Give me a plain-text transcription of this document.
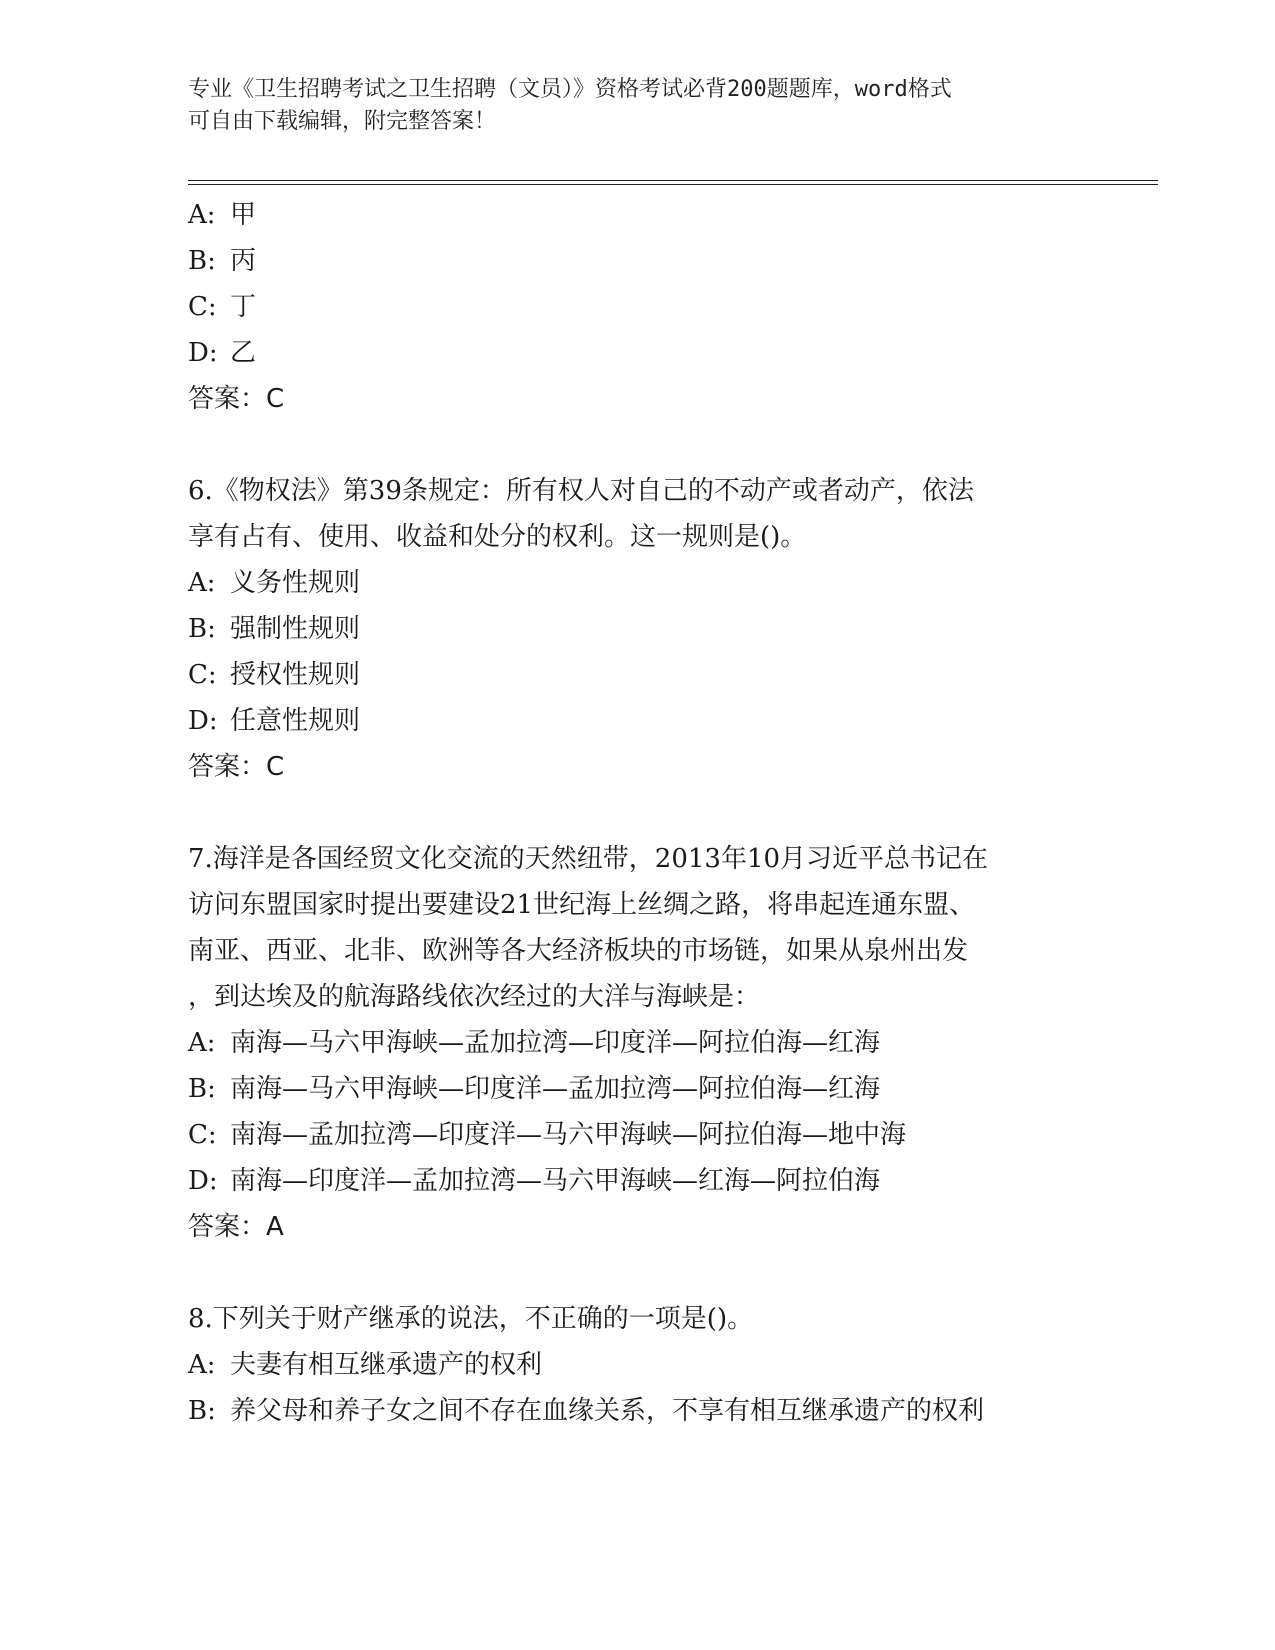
专业《卫生招聘考试之卫生招聘（文员）》资格考试必背200题题库，word格式
可自由下载编辑，附完整答案！
A: 甲
B: 丙
C: 丁
D: 乙
答案：C
6.《物权法》第39条规定：所有权人对自己的不动产或者动产，依法
享有占有、使用、收益和处分的权利。这一规则是()。
A: 义务性规则
B: 强制性规则
C: 授权性规则
D: 任意性规则
答案：C
7.海洋是各国经贸文化交流的天然纽带，2013年10月习近平总书记在
访问东盟国家时提出要建设21世纪海上丝绸之路，将串起连通东盟、
南亚、西亚、北非、欧洲等各大经济板块的市场链，如果从泉州出发
，到达埃及的航海路线依次经过的大洋与海峡是：
A: 南海—马六甲海峡—孟加拉湾—印度洋—阿拉伯海—红海
B: 南海—马六甲海峡—印度洋—孟加拉湾—阿拉伯海—红海
C: 南海—孟加拉湾—印度洋—马六甲海峡—阿拉伯海—地中海
D: 南海—印度洋—孟加拉湾—马六甲海峡—红海—阿拉伯海
答案：A
8.下列关于财产继承的说法，不正确的一项是()。
A: 夫妻有相互继承遗产的权利
B: 养父母和养子女之间不存在血缘关系，不享有相互继承遗产的权利
